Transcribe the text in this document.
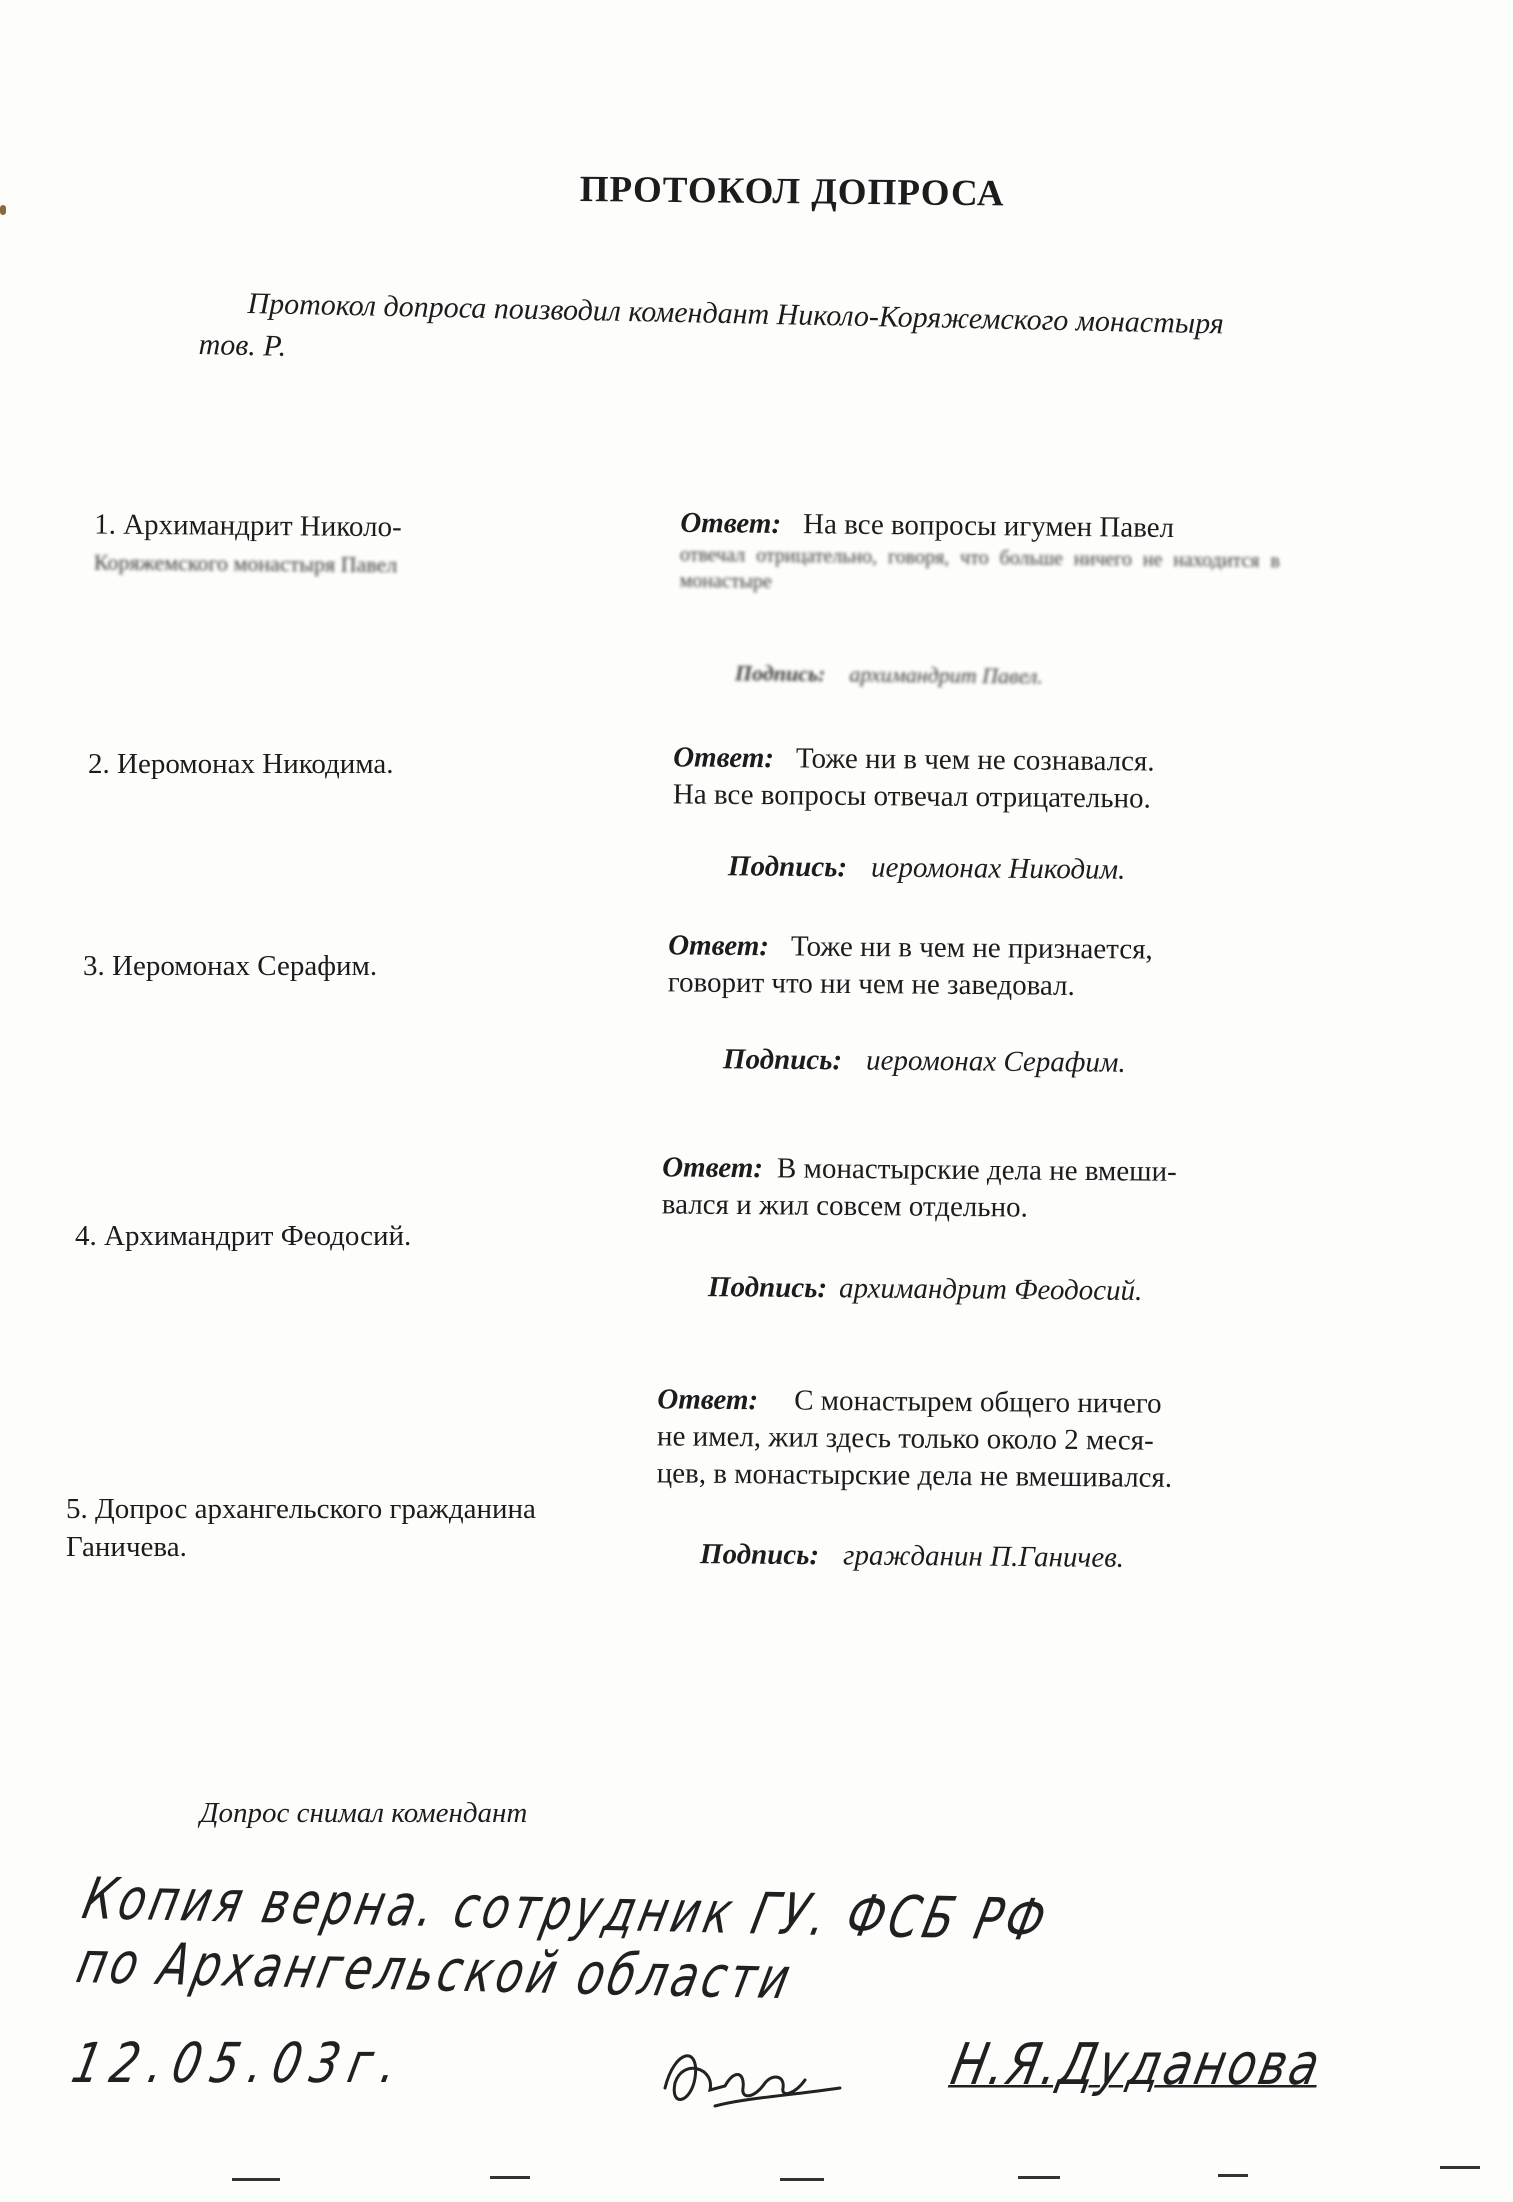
ПРОТОКОЛ ДОПРОСА
Протокол допроса поизводил комендант Николо-Коряжемского монастыря
тов. Р.
1. Архимандрит Николо-
Коряжемского монастыря Павел
Ответ: На все вопросы игумен Павел
отвечал отрицательно, говоря, что больше ничего не находится в монастыре
Подпись: архимандрит Павел.
2. Иеромонах Никодима.	Ответ: Тоже ни в чем не сознавался.
На все вопросы отвечал отрицательно.
Подпись: иеромонах Никодим.
3. Иеромонах Серафим.
Ответ: Тоже ни в чем не признается,
говорит что ни чем не заведовал.
Подпись: иеромонах Серафим.
4. Архимандрит Феодосий.
Ответ: В монастырские дела не вмеши-
вался и жил совсем отдельно.
Подпись: архимандрит Феодосий.
5. Допрос архангельского гражданина
Ганичева.
Ответ: С монастырем общего ничего
не имел, жил здесь только около 2 меся-
цев, в монастырские дела не вмешивался.
Подпись: гражданин П.Ганичев.
Допрос снимал комендант
Копия верна. сотрудник ГУ. ФСБ РФ
по Архангельской области
12.05.03г.	Н.Я.Дуданова
